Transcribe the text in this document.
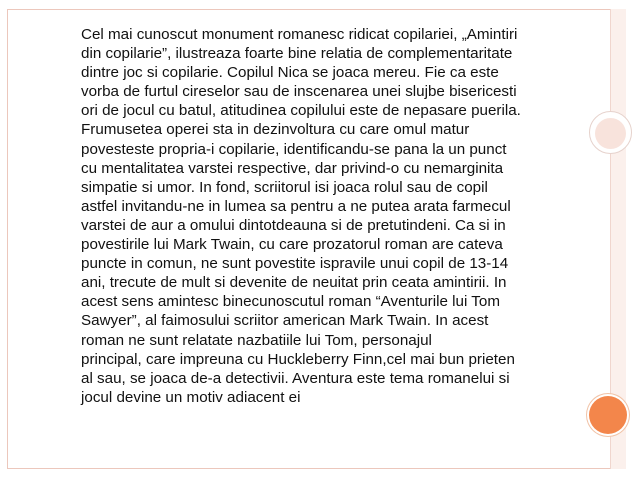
Cel mai cunoscut monument romanesc ridicat copilariei, „Amintiri
din copilarie”, ilustreaza foarte bine relatia de complementaritate
dintre joc si copilarie. Copilul Nica se joaca mereu. Fie ca este
vorba de furtul cireselor sau de inscenarea unei slujbe bisericesti
ori de jocul cu batul, atitudinea copilului este de nepasare puerila.
Frumusetea operei sta in dezinvoltura cu care omul matur
povesteste propria-i copilarie, identificandu-se pana la un punct
cu mentalitatea varstei respective, dar privind-o cu nemarginita
simpatie si umor. In fond, scriitorul isi joaca rolul sau de copil
astfel invitandu-ne in lumea sa pentru a ne putea arata farmecul
varstei de aur a omului dintotdeauna si de pretutindeni. Ca si in
povestirile lui Mark Twain, cu care prozatorul roman are cateva
puncte in comun, ne sunt povestite ispravile unui copil de 13-14
ani, trecute de mult si devenite de neuitat prin ceata amintirii. In
acest sens amintesc binecunoscutul roman “Aventurile lui Tom
Sawyer”, al faimosului scriitor american Mark Twain. In acest
roman ne sunt relatate nazbatiile lui Tom, personajul
principal, care impreuna cu Huckleberry Finn,cel mai bun prieten
al sau, se joaca de-a detectivii. Aventura este tema romanelui si
jocul devine un motiv adiacent ei
